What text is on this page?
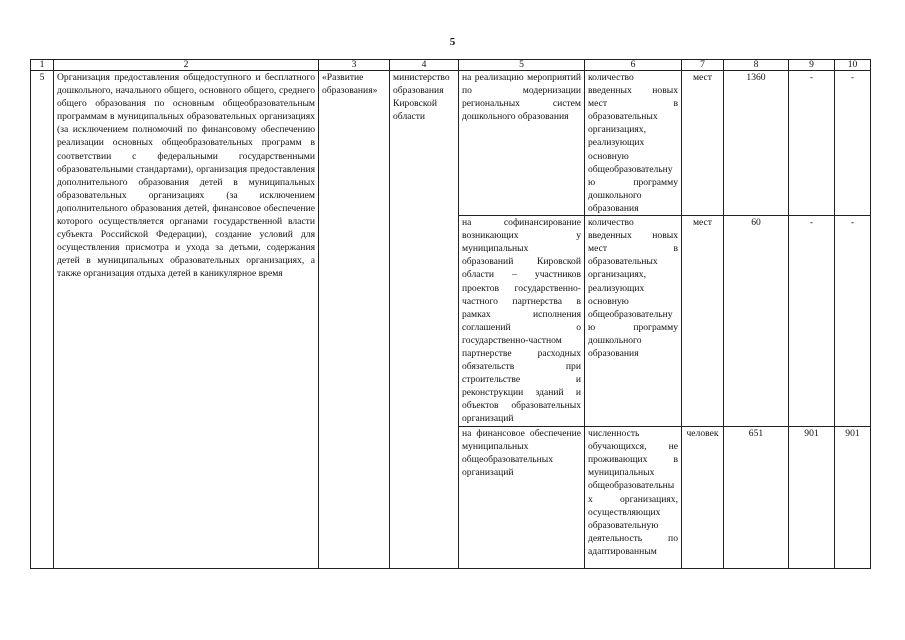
5
1	2	3	4	5	6	7	8	9	10
5	Организация предоставления общедоступного и бесплатного дошкольного, начального общего, основного общего, среднего общего образования по основным общеобразовательным программам в муниципальных образовательных организациях (за исключением полномочий по финансовому обеспечению реализации основных общеобразовательных программ в соответствии с федеральными государственными образовательными стандартами), организация предоставления дополнительного образования детей в муниципальных образовательных организациях (за исключением дополнительного образования детей, финансовое обеспечение которого осуществляется органами государственной власти субъекта Российской Федерации), создание условий для осуществления присмотра и ухода за детьми, содержания детей в муниципальных образовательных организациях, а также организация отдыха детей в каникулярное время	«Развитие образования»	министерство образования Кировской области	на реализацию мероприятий по модернизации региональных систем дошкольного образования	количество введенных новых мест в образовательных организациях, реализующих основную общеобразовательную программу дошкольного образования	мест	1360	-	-
				на софинансирование возникающих у муниципальных образований Кировской области – участников проектов государственно-частного партнерства в рамках исполнения соглашений о государственно-частном партнерстве расходных обязательств при строительстве и реконструкции зданий и объектов образовательных организаций	количество введенных новых мест в образовательных организациях, реализующих основную общеобразовательную программу дошкольного образования	мест	60	-	-
				на финансовое обеспечение муниципальных общеобразовательных организаций	численность обучающихся, не проживающих в муниципальных общеобразовательных организациях, осуществляющих образовательную деятельность по адаптированным	человек	651	901	901
